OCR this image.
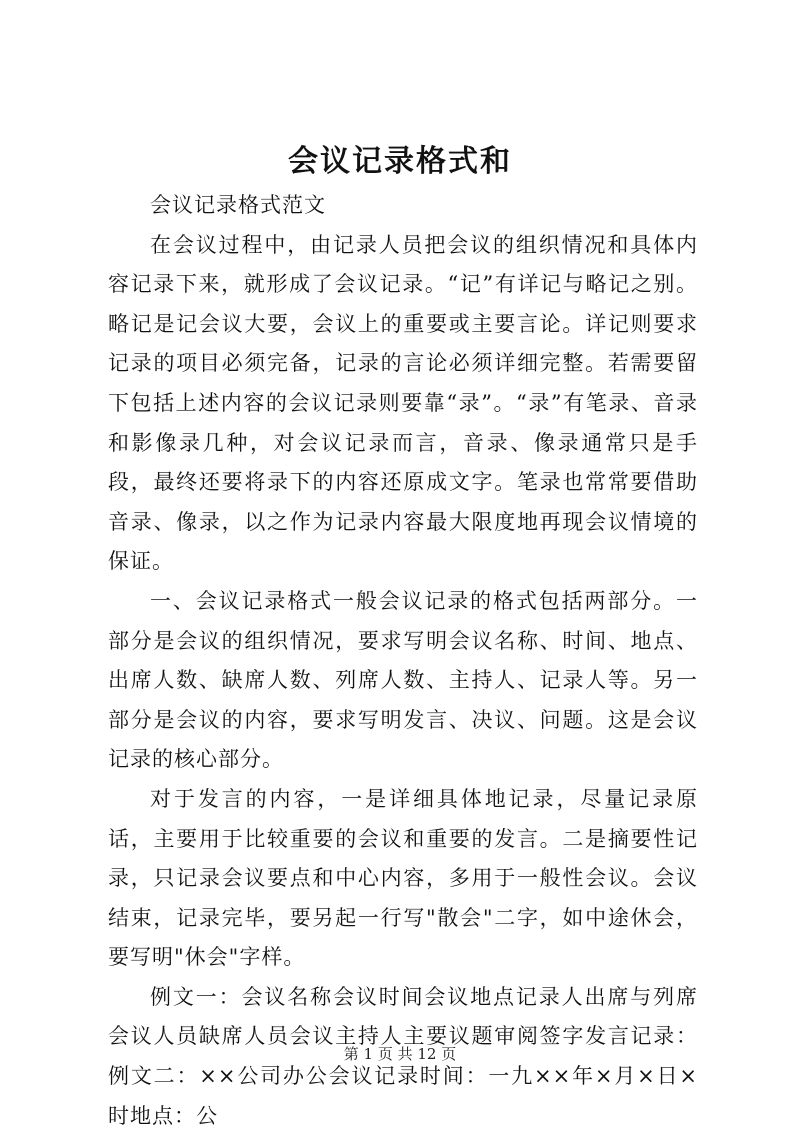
会议记录格式和

会议记录格式范文

在会议过程中，由记录人员把会议的组织情况和具体内容记录下来，就形成了会议记录。“记”有详记与略记之别。略记是记会议大要，会议上的重要或主要言论。详记则要求记录的项目必须完备，记录的言论必须详细完整。若需要留下包括上述内容的会议记录则要靠“录”。“录”有笔录、音录和影像录几种，对会议记录而言，音录、像录通常只是手段，最终还要将录下的内容还原成文字。笔录也常常要借助音录、像录，以之作为记录内容最大限度地再现会议情境的保证。

一、会议记录格式一般会议记录的格式包括两部分。一部分是会议的组织情况，要求写明会议名称、时间、地点、出席人数、缺席人数、列席人数、主持人、记录人等。另一部分是会议的内容，要求写明发言、决议、问题。这是会议记录的核心部分。

对于发言的内容，一是详细具体地记录，尽量记录原话，主要用于比较重要的会议和重要的发言。二是摘要性记录，只记录会议要点和中心内容，多用于一般性会议。会议结束，记录完毕，要另起一行写"散会"二字，如中途休会，要写明"休会"字样。

例文一：会议名称会议时间会议地点记录人出席与列席会议人员缺席人员会议主持人主要议题审阅签字发言记录：例文二：××公司办公会议记录时间：一九××年×月×日×时地点：公

第 1 页 共 12 页
